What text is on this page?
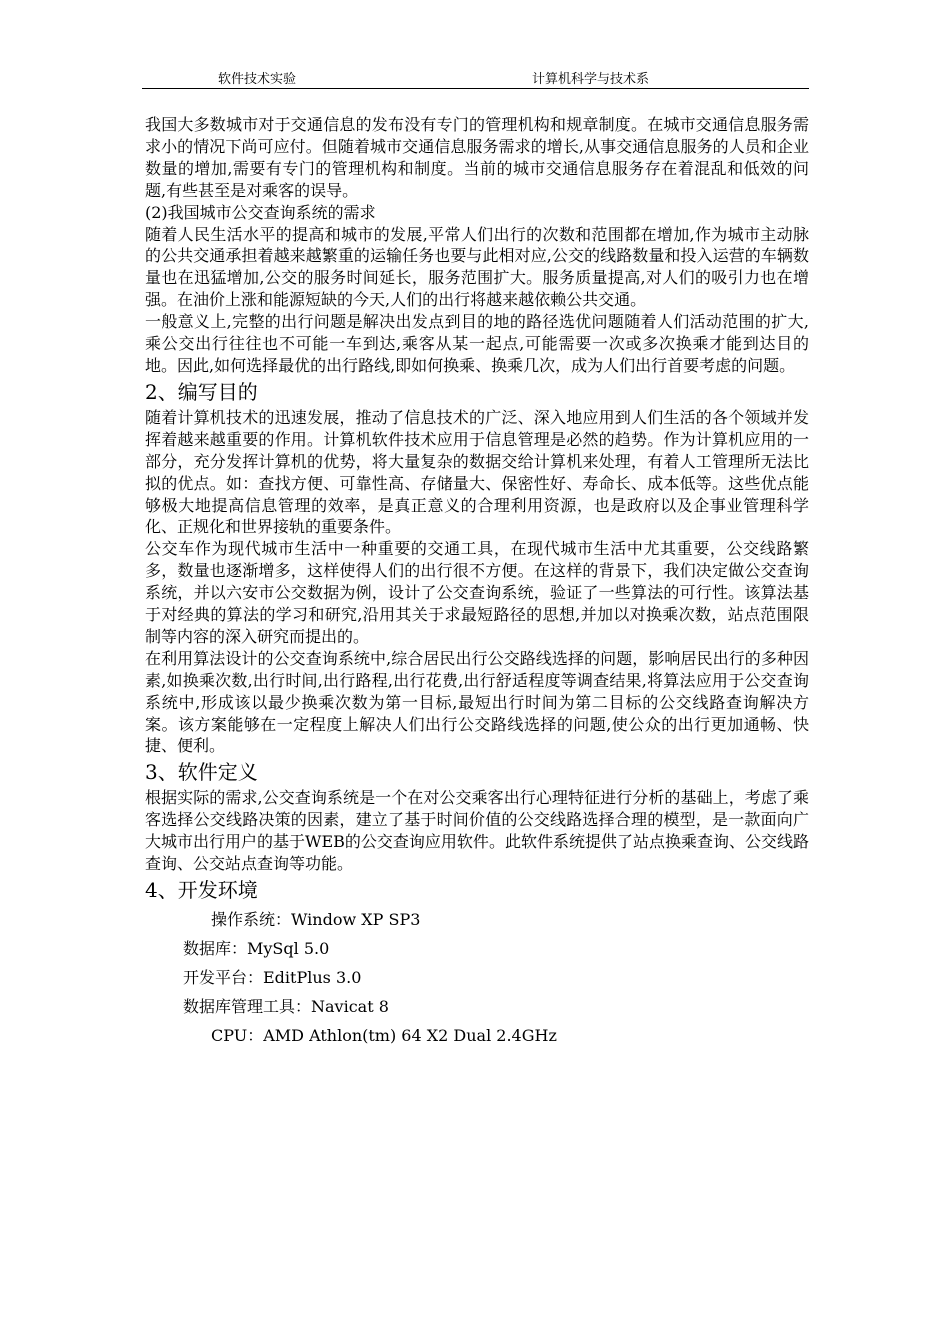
软件技术实验	计算机科学与技术系

我国大多数城市对于交通信息的发布没有专门的管理机构和规章制度。在城市交通信息服务需求小的情况下尚可应付。但随着城市交通信息服务需求的增长,从事交通信息服务的人员和企业数量的增加,需要有专门的管理机构和制度。当前的城市交通信息服务存在着混乱和低效的问题,有些甚至是对乘客的误导。

(2)我国城市公交查询系统的需求

随着人民生活水平的提高和城市的发展,平常人们出行的次数和范围都在增加,作为城市主动脉的公共交通承担着越来越繁重的运输任务也要与此相对应,公交的线路数量和投入运营的车辆数量也在迅猛增加,公交的服务时间延长，服务范围扩大。服务质量提高,对人们的吸引力也在增强。在油价上涨和能源短缺的今天,人们的出行将越来越依赖公共交通。

一般意义上,完整的出行问题是解决出发点到目的地的路径选优问题随着人们活动范围的扩大,乘公交出行往往也不可能一车到达,乘客从某一起点,可能需要一次或多次换乘才能到达目的地。因此,如何选择最优的出行路线,即如何换乘、换乘几次，成为人们出行首要考虑的问题。

2、编写目的

随着计算机技术的迅速发展，推动了信息技术的广泛、深入地应用到人们生活的各个领域并发挥着越来越重要的作用。计算机软件技术应用于信息管理是必然的趋势。作为计算机应用的一部分，充分发挥计算机的优势，将大量复杂的数据交给计算机来处理，有着人工管理所无法比拟的优点。如：查找方便、可靠性高、存储量大、保密性好、寿命长、成本低等。这些优点能够极大地提高信息管理的效率，是真正意义的合理利用资源，也是政府以及企事业管理科学化、正规化和世界接轨的重要条件。

公交车作为现代城市生活中一种重要的交通工具，在现代城市生活中尤其重要，公交线路繁多，数量也逐渐增多，这样使得人们的出行很不方便。在这样的背景下，我们决定做公交查询系统，并以六安市公交数据为例，设计了公交查询系统，验证了一些算法的可行性。该算法基于对经典的算法的学习和研究,沿用其关于求最短路径的思想,并加以对换乘次数，站点范围限制等内容的深入研究而提出的。

在利用算法设计的公交查询系统中,综合居民出行公交路线选择的问题，影响居民出行的多种因素,如换乘次数,出行时间,出行路程,出行花费,出行舒适程度等调查结果,将算法应用于公交查询系统中,形成该以最少换乘次数为第一目标,最短出行时间为第二目标的公交线路查询解决方案。该方案能够在一定程度上解决人们出行公交路线选择的问题,使公众的出行更加通畅、快捷、便利。

3、软件定义

根据实际的需求,公交查询系统是一个在对公交乘客出行心理特征进行分析的基础上，考虑了乘客选择公交线路决策的因素，建立了基于时间价值的公交线路选择合理的模型，是一款面向广大城市出行用户的基于WEB的公交查询应用软件。此软件系统提供了站点换乘查询、公交线路查询、公交站点查询等功能。

4、开发环境

操作系统：Window XP SP3

数据库：MySql 5.0

开发平台：EditPlus 3.0

数据库管理工具：Navicat 8

CPU：AMD Athlon(tm) 64 X2 Dual 2.4GHz
